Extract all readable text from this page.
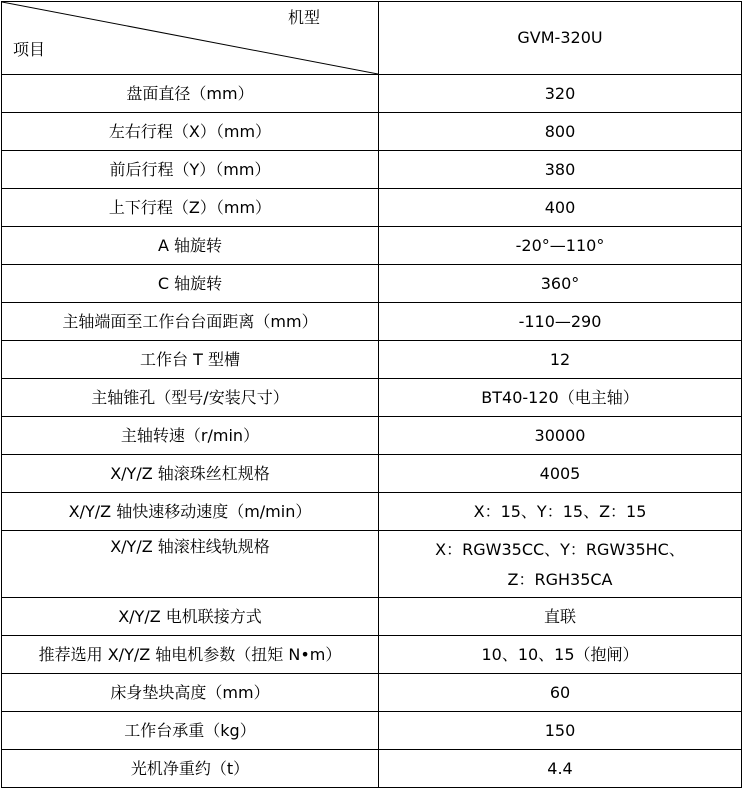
机型
项目	GVM-320U
盘面直径（mm）	320
左右行程（X）（mm）	800
前后行程（Y）（mm）	380
上下行程（Z）（mm）	400
A 轴旋转	-20°—110°
C 轴旋转	360°
主轴端面至工作台台面距离（mm）	-110—290
工作台 T 型槽	12
主轴锥孔（型号/安装尺寸）	BT40-120（电主轴）
主轴转速（r/min）	30000
X/Y/Z 轴滚珠丝杠规格	4005
X/Y/Z 轴快速移动速度（m/min）	X：15、Y：15、Z：15
X/Y/Z 轴滚柱线轨规格	X：RGW35CC、Y：RGW35HC、
Z：RGH35CA

X/Y/Z 电机联接方式	直联
推荐选用 X/Y/Z 轴电机参数（扭矩 N•m）	10、10、15（抱闸）
床身垫块高度（mm）	60
工作台承重（kg）	150
光机净重约（t）	4.4
